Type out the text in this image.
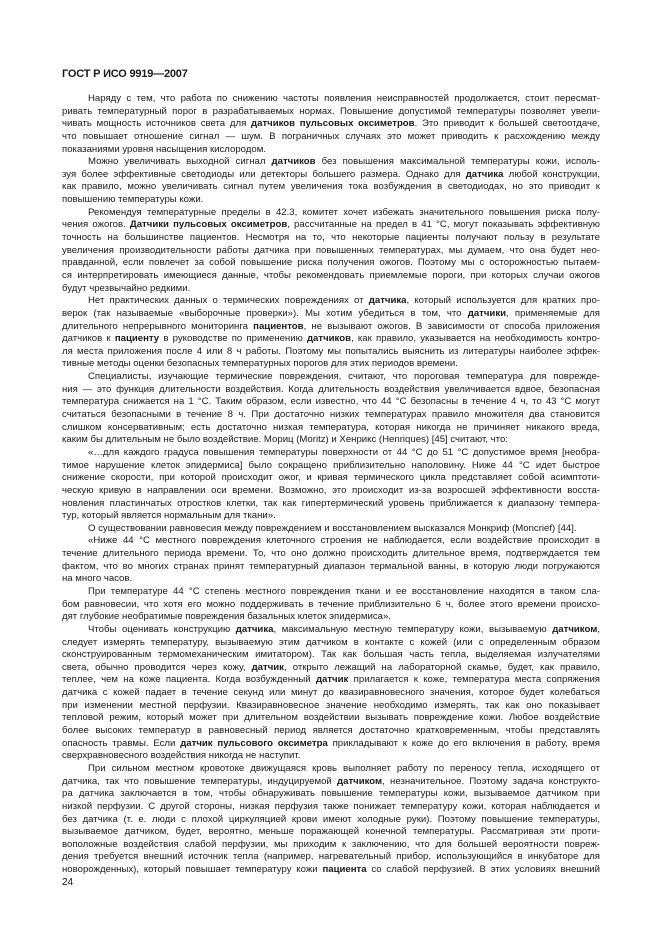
ГОСТ Р ИСО 9919—2007
Наряду с тем, что работа по снижению частоты появления неисправностей продолжается, стоит пересмат-
ривать температурный порог в разрабатываемых нормах. Повышение допустимой температуры позволяет увели-
чивать мощность источников света для датчиков пульсовых оксиметров. Это приводит к большей светоотдаче,
что повышает отношение сигнал — шум. В пограничных случаях это может приводить к расхождению между
показаниями уровня насыщения кислородом.
Можно увеличивать выходной сигнал датчиков без повышения максимальной температуры кожи, исполь-
зуя более эффективные светодиоды или детекторы большего размера. Однако для датчика любой конструкции,
как правило, можно увеличивать сигнал путем увеличения тока возбуждения в светодиодах, но это приводит к
повышению температуры кожи.
Рекомендуя температурные пределы в 42.3, комитет хочет избежать значительного повышения риска полу-
чения ожогов. Датчики пульсовых оксиметров, рассчитанные на предел в 41 °С, могут показывать эффективную
точность на большинстве пациентов. Несмотря на то, что некоторые пациенты получают пользу в результате
увеличения производительности работы датчика при повышенных температурах, мы думаем, что она будет нео-
правданной, если повлечет за собой повышение риска получения ожогов. Поэтому мы с осторожностью пытаем-
ся интерпретировать имеющиеся данные, чтобы рекомендовать приемлемые пороги, при которых случаи ожогов
будут чрезвычайно редкими.
Нет практических данных о термических повреждениях от датчика, который используется для кратких про-
верок (так называемые «выборочные проверки»). Мы хотим убедиться в том, что датчики, применяемые для
длительного непрерывного мониторинга пациентов, не вызывают ожогов. В зависимости от способа приложения
датчиков к пациенту в руководстве по применению датчиков, как правило, указывается на необходимость контро-
ля места приложения после 4 или 8 ч работы. Поэтому мы попытались выяснить из литературы наиболее эффек-
тивные методы оценки безопасных температурных порогов для этих периодов времени.
Специалисты, изучающие термические повреждения, считают, что пороговая температура для поврежде-
ния — это функция длительности воздействия. Когда длительность воздействия увеличивается вдвое, безопасная
температура снижается на 1 °С. Таким образом, если известно, что 44 °С безопасны в течение 4 ч, то 43 °С могут
считаться безопасными в течение 8 ч. При достаточно низких температурах правило множителя два становится
слишком консервативным; есть достаточно низкая температура, которая никогда не причиняет никакого вреда,
каким бы длительным не было воздействие. Мориц (Moritz) и Хенрикс (Henriques) [45] считают, что:
«…для каждого градуса повышения температуры поверхности от 44 °С до 51 °С допустимое время [необра-
тимое нарушение клеток эпидермиса] было сокращено приблизительно наполовину. Ниже 44 °С идет быстрое
снижение скорости, при которой происходит ожог, и кривая термического цикла представляет собой асимптоти-
ческую кривую в направлении оси времени. Возможно, это происходит из-за возросшей эффективности восста-
новления пластинчатых отростков клетки, так как гипертермический уровень приближается к диапазону темпера-
тур, который является нормальным для ткани».
О существовании равновесия между повреждением и восстановлением высказался Монкриф (Moncrief) [44].
«Ниже 44 °С местного повреждения клеточного строения не наблюдается, если воздействие происходит в
течение длительного периода времени. То, что оно должно происходить длительное время, подтверждается тем
фактом, что во многих странах принят температурный диапазон термальной ванны, в которую люди погружаются
на много часов.
При температуре 44 °С степень местного повреждения ткани и ее восстановление находятся в таком сла-
бом равновесии, что хотя его можно поддерживать в течение приблизительно 6 ч, более этого времени происхо-
дят глубокие необратимые повреждения базальных клеток эпидермиса».
Чтобы оценивать конструкцию датчика, максимальную местную температуру кожи, вызываемую датчиком,
следует измерять температуру, вызываемую этим датчиком в контакте с кожей (или с определенным образом
сконструированным термомеханическим имитатором). Так как большая часть тепла, выделяемая излучателями
света, обычно проводится через кожу, датчик, открыто лежащий на лабораторной скамье, будет, как правило,
теплее, чем на коже пациента. Когда возбужденный датчик прилагается к коже, температура места сопряжения
датчика с кожей падает в течение секунд или минут до квазиравновесного значения, которое будет колебаться
при изменении местной перфузии. Квазиравновесное значение необходимо измерять, так как оно показывает
тепловой режим, который может при длительном воздействии вызывать повреждение кожи. Любое воздействие
более высоких температур в равновесный период является достаточно кратковременным, чтобы представлять
опасность травмы. Если датчик пульсового оксиметра прикладывают к коже до его включения в работу, время
сверхравновесного воздействия никогда не наступит.
При сильном местном кровотоке движущаяся кровь выполняет работу по переносу тепла, исходящего от
датчика, так что повышение температуры, индуцируемой датчиком, незначительное. Поэтому задача конструкто-
ра датчика заключается в том, чтобы обнаруживать повышение температуры кожи, вызываемое датчиком при
низкой перфузии. С другой стороны, низкая перфузия также понижает температуру кожи, которая наблюдается и
без датчика (т. е. люди с плохой циркуляцией крови имеют холодные руки). Поэтому повышение температуры,
вызываемое датчиком, будет, вероятно, меньше поражающей конечной температуры. Рассматривая эти проти-
воположные воздействия слабой перфузии, мы приходим к заключению, что для большей вероятности повреж-
дения требуется внешний источник тепла (например, нагревательный прибор, использующийся в инкубаторе для
новорожденных), который повышает температуру кожи пациента со слабой перфузией. В этих условиях внешний
24
